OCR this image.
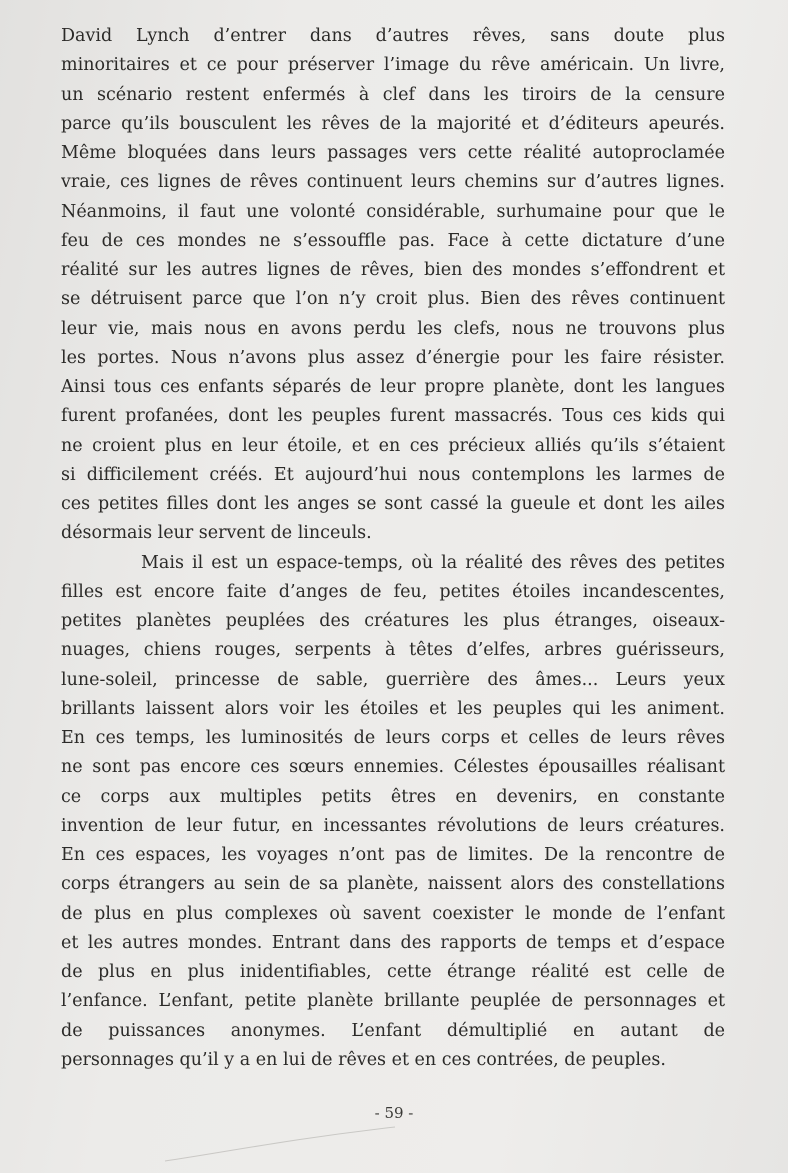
David Lynch d’entrer dans d’autres rêves, sans doute plus
minoritaires et ce pour préserver l’image du rêve américain. Un livre,
un scénario restent enfermés à clef dans les tiroirs de la censure
parce qu’ils bousculent les rêves de la majorité et d’éditeurs apeurés.
Même bloquées dans leurs passages vers cette réalité autoproclamée
vraie, ces lignes de rêves continuent leurs chemins sur d’autres lignes.
Néanmoins, il faut une volonté considérable, surhumaine pour que le
feu de ces mondes ne s’essouffle pas. Face à cette dictature d’une
réalité sur les autres lignes de rêves, bien des mondes s’effondrent et
se détruisent parce que l’on n’y croit plus. Bien des rêves continuent
leur vie, mais nous en avons perdu les clefs, nous ne trouvons plus
les portes. Nous n’avons plus assez d’énergie pour les faire résister.
Ainsi tous ces enfants séparés de leur propre planète, dont les langues
furent profanées, dont les peuples furent massacrés. Tous ces kids qui
ne croient plus en leur étoile, et en ces précieux alliés qu’ils s’étaient
si difficilement créés. Et aujourd’hui nous contemplons les larmes de
ces petites filles dont les anges se sont cassé la gueule et dont les ailes
désormais leur servent de linceuls.
Mais il est un espace-temps, où la réalité des rêves des petites
filles est encore faite d’anges de feu, petites étoiles incandescentes,
petites planètes peuplées des créatures les plus étranges, oiseaux-
nuages, chiens rouges, serpents à têtes d’elfes, arbres guérisseurs,
lune-soleil, princesse de sable, guerrière des âmes... Leurs yeux
brillants laissent alors voir les étoiles et les peuples qui les animent.
En ces temps, les luminosités de leurs corps et celles de leurs rêves
ne sont pas encore ces sœurs ennemies. Célestes épousailles réalisant
ce corps aux multiples petits êtres en devenirs, en constante
invention de leur futur, en incessantes révolutions de leurs créatures.
En ces espaces, les voyages n’ont pas de limites. De la rencontre de
corps étrangers au sein de sa planète, naissent alors des constellations
de plus en plus complexes où savent coexister le monde de l’enfant
et les autres mondes. Entrant dans des rapports de temps et d’espace
de plus en plus inidentifiables, cette étrange réalité est celle de
l’enfance. L’enfant, petite planète brillante peuplée de personnages et
de puissances anonymes. L’enfant démultiplié en autant de
personnages qu’il y a en lui de rêves et en ces contrées, de peuples.
- 59 -
